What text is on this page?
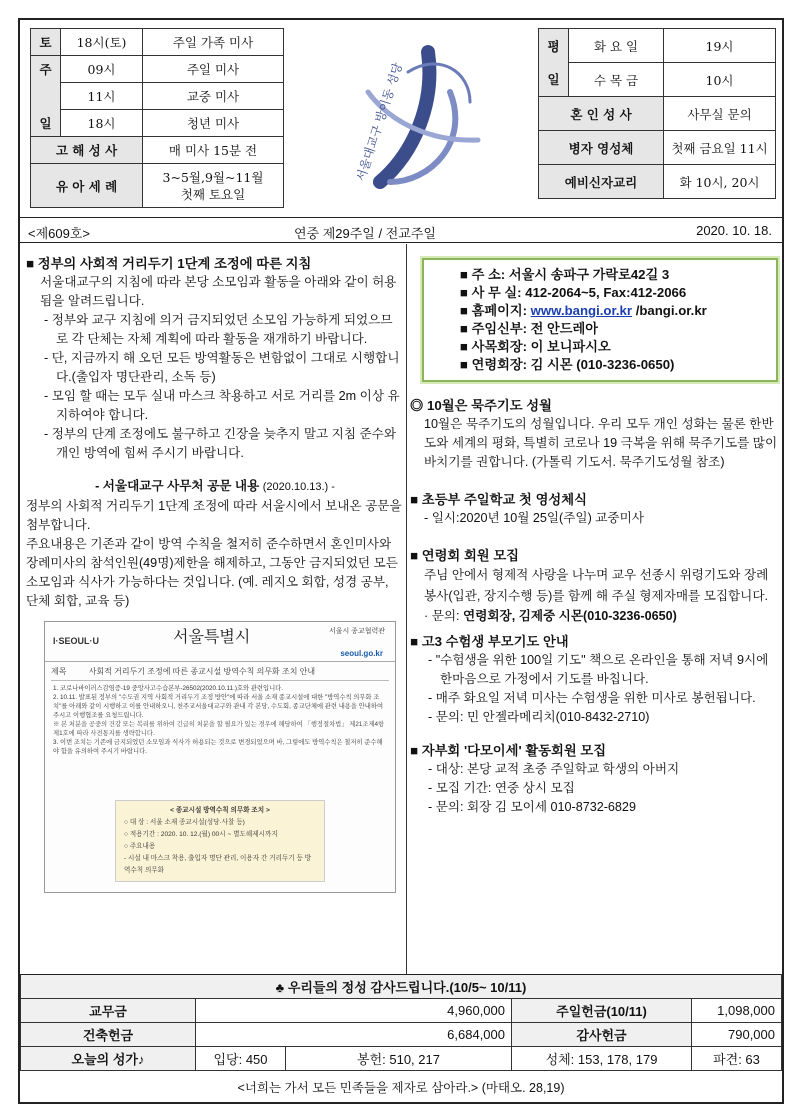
토	18시(토)	주일 가족 미사
주	09시	주일 미사
	11시	교중 미사
일	18시	청년 미사
고 해 성 사		매 미사 15분 전
유 아 세 례		3~5월,9월~11월
첫째 토요일
서울대교구 방이동 성당
평	화 요 일	19시
일	수 목 금	10시
혼 인 성 사		사무실 문의
병자 영성체		첫째 금요일 11시
예비신자교리		화 10시, 20시
<제609호>	연중 제29주일 / 전교주일	2020. 10. 18.
■ 정부의 사회적 거리두기 1단계 조정에 따른 지침
서울대교구의 지침에 따라 본당 소모임과 활동을 아래와 같이 허용됨을 알려드립니다.
- 정부와 교구 지침에 의거 금지되었던 소모임 가능하게 되었으므로 각 단체는 자체 계획에 따라 활동을 재개하기 바랍니다.
- 단, 지금까지 해 오던 모든 방역활동은 변함없이 그대로 시행합니다.(출입자 명단관리, 소독 등)
- 모임 할 때는 모두 실내 마스크 착용하고 서로 거리를 2m 이상 유지하여야 합니다.
- 정부의 단계 조정에도 불구하고 긴장을 늦추지 말고 지침 준수와 개인 방역에 힘써 주시기 바랍니다.
- 서울대교구 사무처 공문 내용 (2020.10.13.) -
정부의 사회적 거리두기 1단계 조정에 따라 서울시에서 보내온 공문을 첨부합니다.
주요내용은 기존과 같이 방역 수칙을 철저히 준수하면서 혼인미사와 장례미사의 참석인원(49명)제한을 해제하고, 그동안 금지되었던 모든 소모임과 식사가 가능하다는 것입니다. (예. 레지오 회합, 성경 공부, 단체 회합, 교육 등)
I·SEOUL·U	서울특별시	서울시 종교협력관
seoul.go.kr
제목	사회적 거리두기 조정에 따른 종교시설 방역수칙 의무화 조치 안내
1. 코로나바이러스감염증-19 중앙사고수습본부-26502(2020.10.11.)호와 관련입니다.
2. 10.11. 발표된 정부의 "수도권 지역 사회적 거리두기 조정 방안"에 따라 서울 소재 종교시설에 대한 "방역수칙 의무화 조치"를 아래와 같이 시행하고 이를 안내하오니, 천주교서울대교구와 관내 각 본당, 수도회, 종교단체에 관련 내용을 안내하여 주시고 이행협조를 요청드립니다.
※ 본 처분을 공중의 건강 또는 복리를 위하여 긴급히 처분을 할 필요가 있는 경우에 해당하여 「행정절차법」 제21조제4항제1호에 따라 사전통지를 생략합니다.
3. 이번 조치는 기존에 금지되었던 소모임과 식사가 허용되는 것으로 변경되었으며 바, 그렇에도 방역수칙은 철저히 준수해야 함을 유의하여 주시기 바랍니다.
< 종교시설 방역수칙 의무화 조치 >
○ 대 상 : 서울 소재 종교시설(성당·사찰 등)
○ 적용기간 : 2020. 10. 12.(월) 00시 ~ 별도해제시까지
○ 주요내용
- 시설 내 마스크 착용, 출입자 명단 관리, 이용자 간 거리두기 등 방역수칙 의무화
■ 주 소: 서울시 송파구 가락로42길 3
■ 사 무 실: 412-2064~5, Fax:412-2066
■ 홈페이지: www.bangi.or.kr /bangi.or.kr
■ 주임신부: 전 안드레아
■ 사목회장: 이 보니파시오
■ 연령회장: 김 시몬 (010-3236-0650)
◎ 10월은 묵주기도 성월
10월은 묵주기도의 성월입니다. 우리 모두 개인 성화는 물론 한반도와 세계의 평화, 특별히 코로나 19 극복을 위해 묵주기도를 많이 바치기를 권합니다. (가톨릭 기도서. 묵주기도성월 참조)
■ 초등부 주일학교 첫 영성체식
- 일시:2020년 10월 25일(주일) 교중미사
■ 연령회 회원 모집
주님 안에서 형제적 사랑을 나누며 교우 선종시 위령기도와 장례봉사(입관, 장지수행 등)를 함께 해 주실 형제자매를 모집합니다.
· 문의: 연령회장, 김제중 시몬(010-3236-0650)
■ 고3 수험생 부모기도 안내
- "수험생을 위한 100일 기도" 책으로 온라인을 통해 저녁 9시에 한마음으로 가정에서 기도를 바칩니다.
- 매주 화요일 저녁 미사는 수험생을 위한 미사로 봉헌됩니다.
- 문의: 민 안젤라메리치(010-8432-2710)
■ 자부회 '다모이세' 활동회원 모집
- 대상: 본당 교적 초중 주일학교 학생의 아버지
- 모집 기간: 연중 상시 모집
- 문의: 회장 김 모이세 010-8732-6829
♣ 우리들의 정성 감사드립니다.(10/5~ 10/11)				
교무금	4,960,000		주일헌금(10/11)	1,098,000
건축헌금	6,684,000		감사헌금	790,000
오늘의 성가♪	입당: 450	봉헌: 510, 217	성체: 153, 178, 179	파견: 63
<너희는 가서 모든 민족들을 제자로 삼아라.> (마태오. 28,19)
